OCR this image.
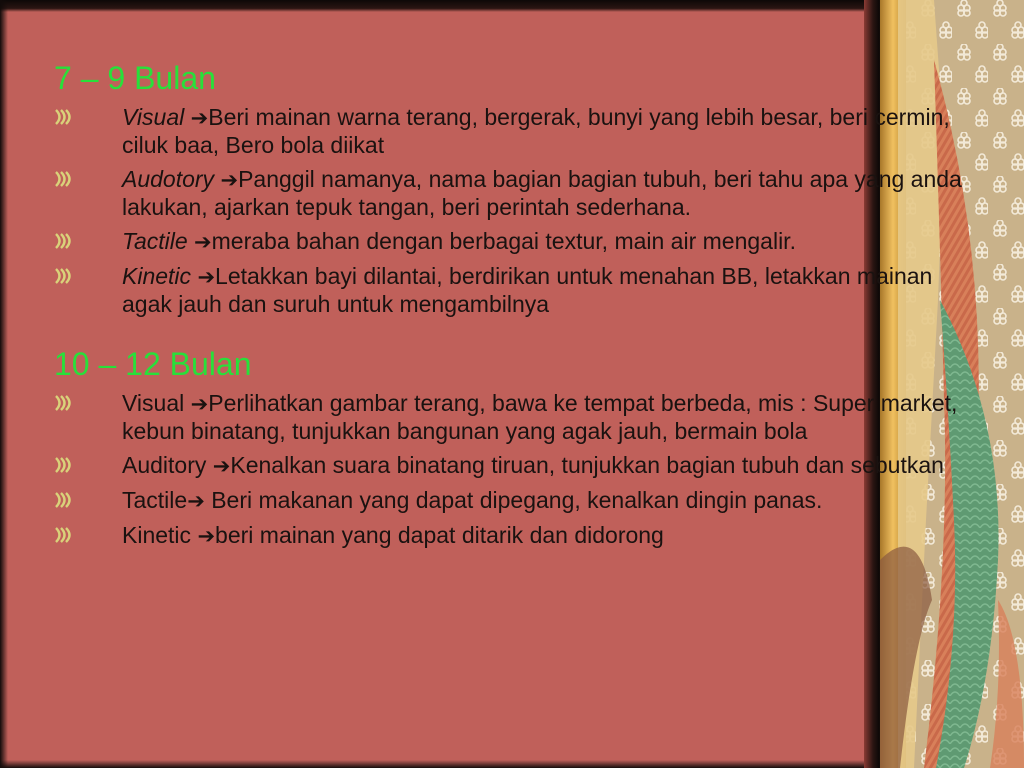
7 – 9 Bulan
Visual ➔Beri mainan warna terang, bergerak, bunyi yang lebih besar, beri cermin, ciluk baa, Bero bola diikat
Audotory ➔Panggil namanya, nama bagian bagian tubuh, beri tahu apa yang anda lakukan, ajarkan tepuk tangan, beri perintah sederhana.
Tactile ➔meraba bahan dengan berbagai textur, main air mengalir.
Kinetic ➔Letakkan bayi dilantai, berdirikan untuk menahan BB, letakkan mainan agak jauh dan suruh untuk mengambilnya
10 – 12 Bulan
Visual ➔Perlihatkan gambar terang, bawa ke tempat berbeda, mis : Super market, kebun binatang, tunjukkan bangunan yang agak jauh, bermain bola
Auditory ➔Kenalkan suara binatang tiruan, tunjukkan bagian tubuh dan sebutkan
Tactile➔ Beri makanan yang dapat dipegang, kenalkan dingin panas.
Kinetic ➔beri mainan yang dapat ditarik dan didorong
